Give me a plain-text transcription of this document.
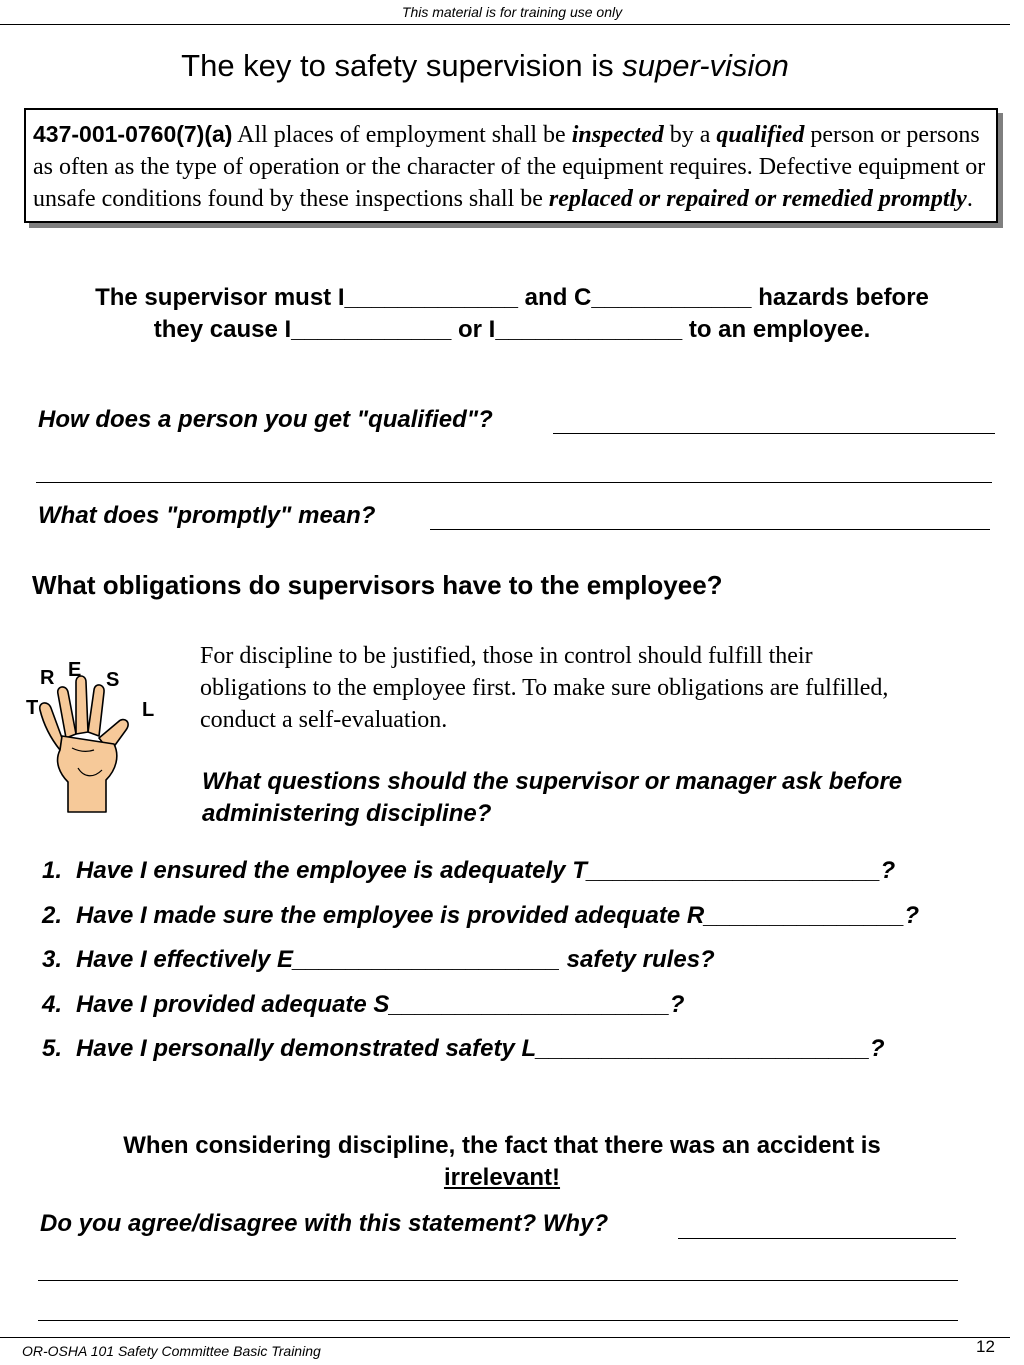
This material is for training use only
The key to safety supervision is super-vision
437-001-0760(7)(a) All places of employment shall be inspected by a qualified person or persons as often as the type of operation or the character of the equipment requires. Defective equipment or unsafe conditions found by these inspections shall be replaced or repaired or remedied promptly.
The supervisor must I_____________ and C____________ hazards before
they cause I____________ or I______________ to an employee.
How does a person you get "qualified"?
What does "promptly" mean?
What obligations do supervisors have to the employee?
T
R E S
L
For discipline to be justified, those in control should fulfill their obligations to the employee first. To make sure obligations are fulfilled, conduct a self-evaluation.
What questions should the supervisor or manager ask before administering discipline?
1. Have I ensured the employee is adequately T______________________?
2. Have I made sure the employee is provided adequate R_______________?
3. Have I effectively E____________________ safety rules?
4. Have I provided adequate S_____________________?
5. Have I personally demonstrated safety L_________________________?
When considering discipline, the fact that there was an accident is
irrelevant!
Do you agree/disagree with this statement? Why?
OR-OSHA 101 Safety Committee Basic Training	12
